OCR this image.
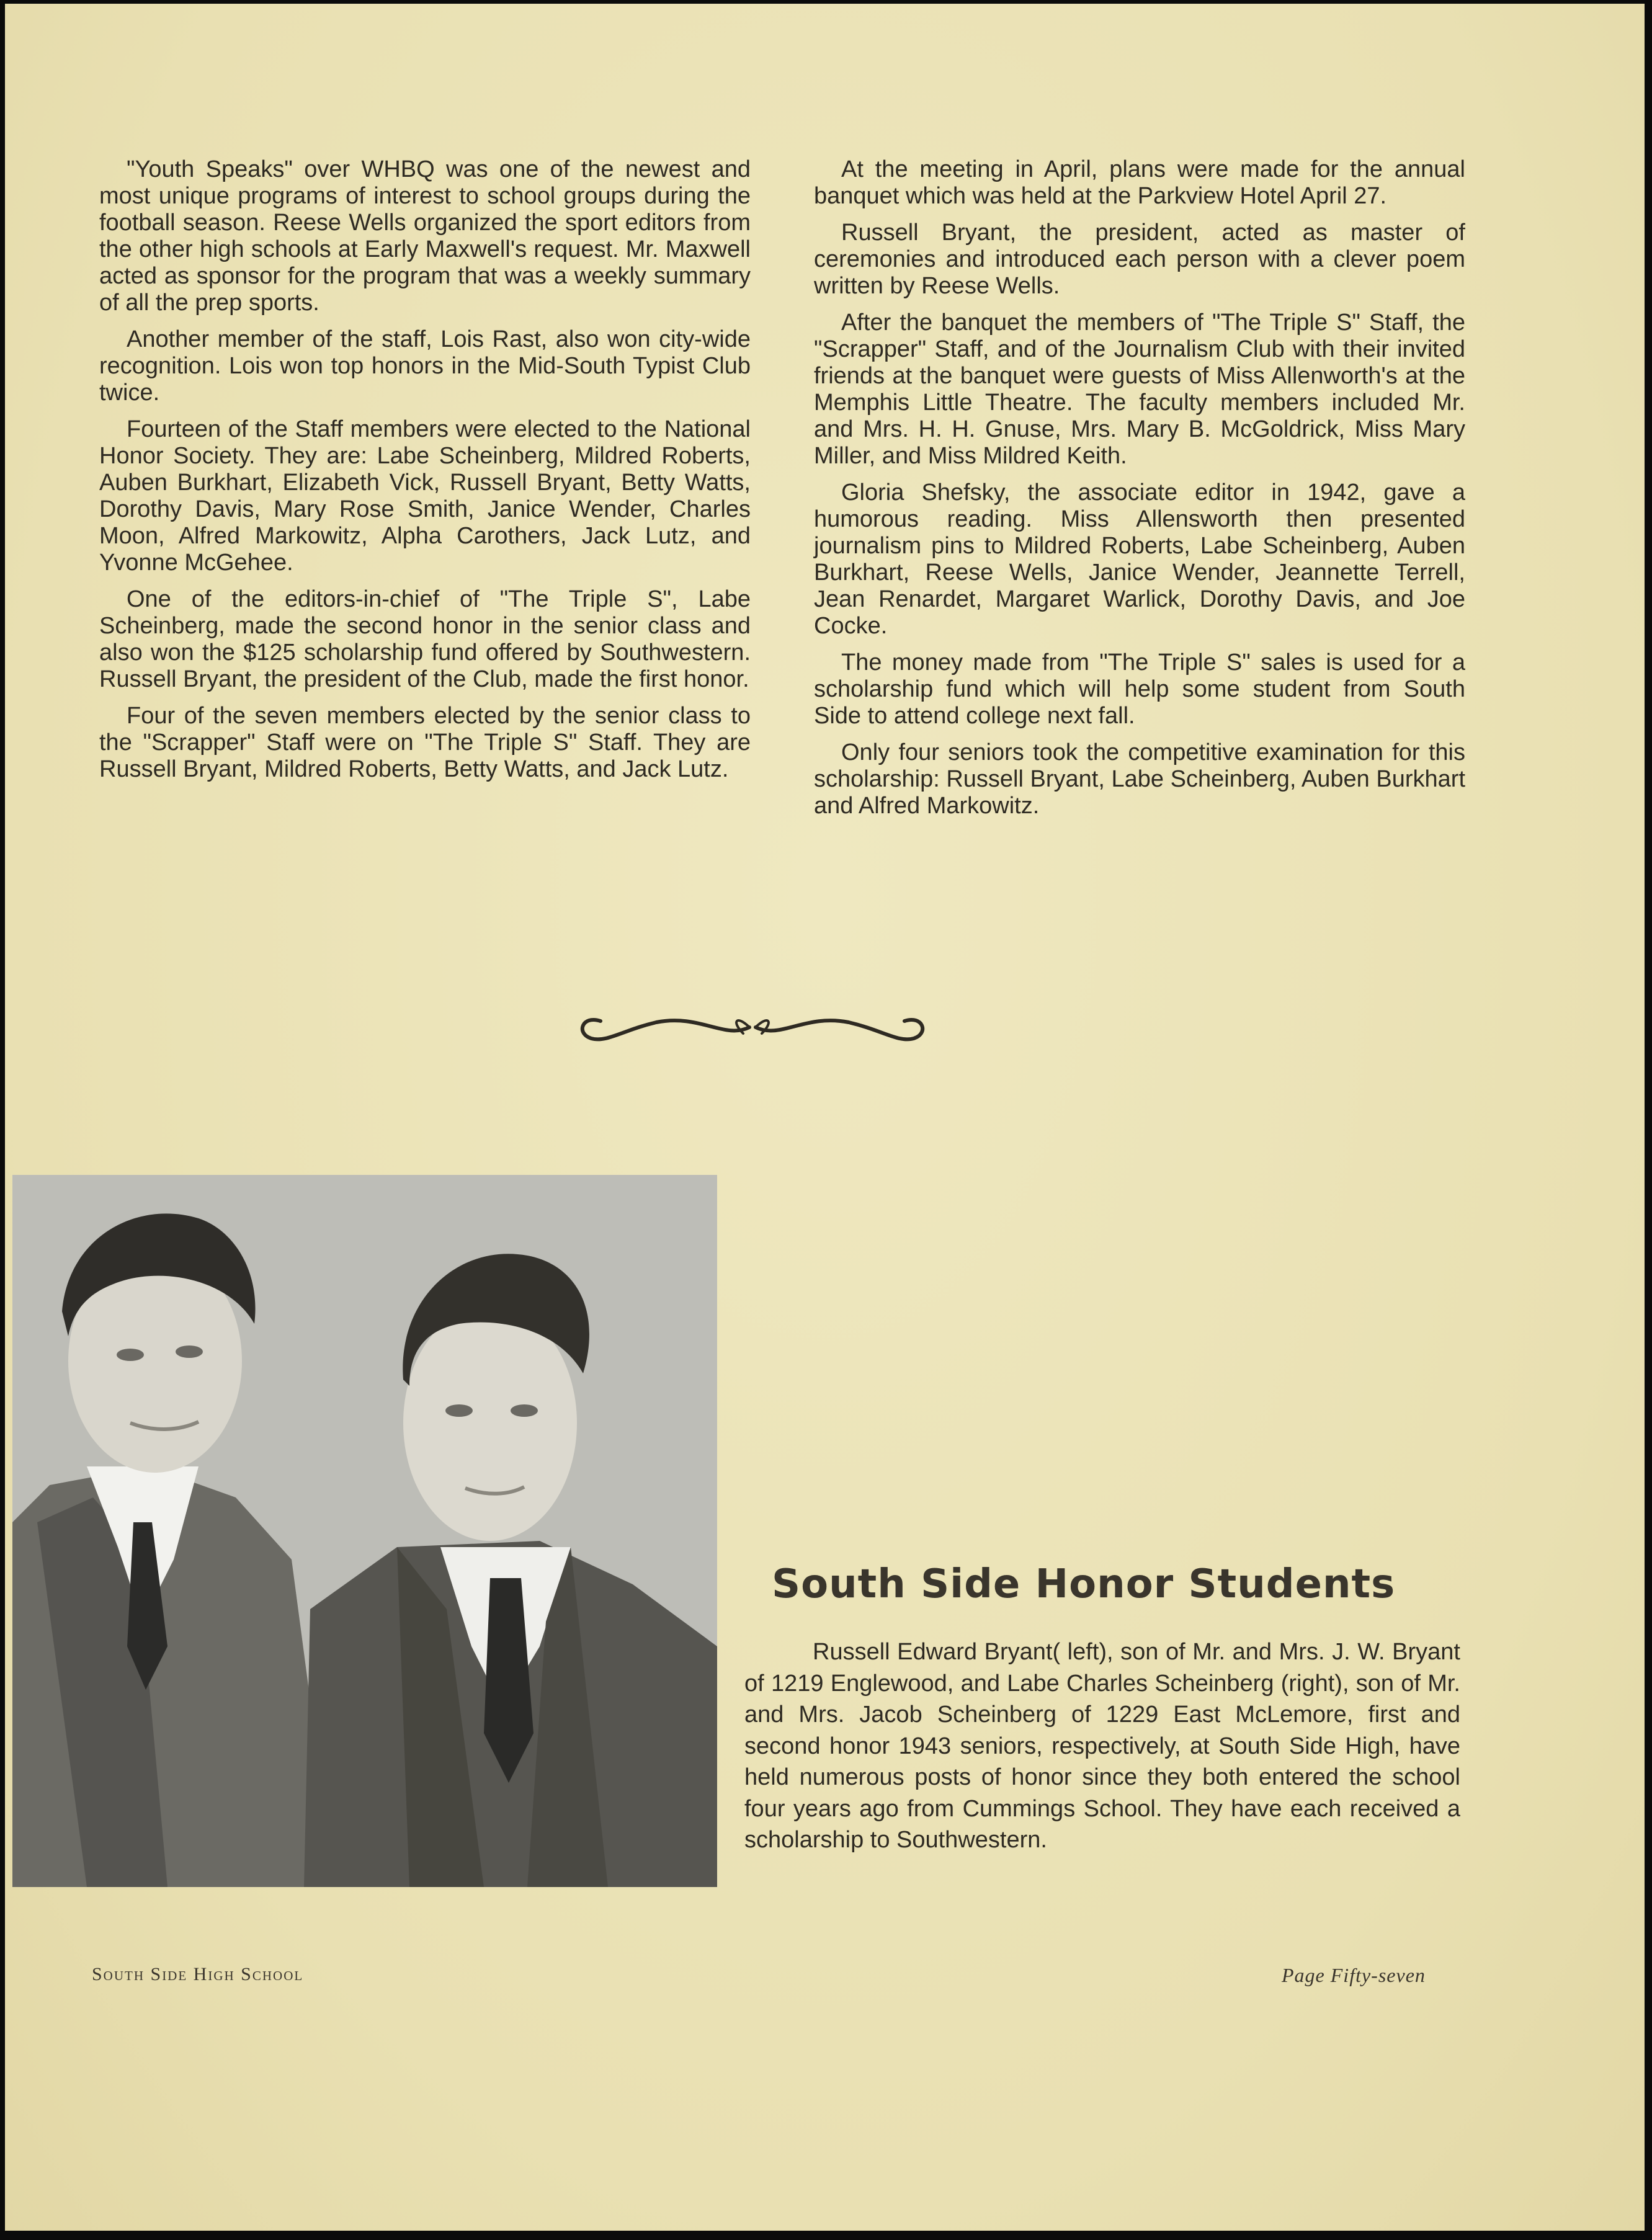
"Youth Speaks" over WHBQ was one of the newest and most unique programs of interest to school groups during the football season. Reese Wells organized the sport editors from the other high schools at Early Maxwell's request. Mr. Maxwell acted as sponsor for the program that was a weekly summary of all the prep sports.

Another member of the staff, Lois Rast, also won city-wide recognition. Lois won top honors in the Mid-South Typist Club twice.

Fourteen of the Staff members were elected to the National Honor Society. They are: Labe Scheinberg, Mildred Roberts, Auben Burkhart, Elizabeth Vick, Russell Bryant, Betty Watts, Dorothy Davis, Mary Rose Smith, Janice Wender, Charles Moon, Alfred Markowitz, Alpha Carothers, Jack Lutz, and Yvonne McGehee.

One of the editors-in-chief of "The Triple S", Labe Scheinberg, made the second honor in the senior class and also won the $125 scholarship fund offered by Southwestern. Russell Bryant, the president of the Club, made the first honor.

Four of the seven members elected by the senior class to the "Scrapper" Staff were on "The Triple S" Staff. They are Russell Bryant, Mildred Roberts, Betty Watts, and Jack Lutz.

At the meeting in April, plans were made for the annual banquet which was held at the Parkview Hotel April 27.

Russell Bryant, the president, acted as master of ceremonies and introduced each person with a clever poem written by Reese Wells.

After the banquet the members of "The Triple S" Staff, the "Scrapper" Staff, and of the Journalism Club with their invited friends at the banquet were guests of Miss Allenworth's at the Memphis Little Theatre. The faculty members included Mr. and Mrs. H. H. Gnuse, Mrs. Mary B. McGoldrick, Miss Mary Miller, and Miss Mildred Keith.

Gloria Shefsky, the associate editor in 1942, gave a humorous reading. Miss Allensworth then presented journalism pins to Mildred Roberts, Labe Scheinberg, Auben Burkhart, Reese Wells, Janice Wender, Jeannette Terrell, Jean Renardet, Margaret Warlick, Dorothy Davis, and Joe Cocke.

The money made from "The Triple S" sales is used for a scholarship fund which will help some student from South Side to attend college next fall.

Only four seniors took the competitive examination for this scholarship: Russell Bryant, Labe Scheinberg, Auben Burkhart and Alfred Markowitz.

South Side Honor Students

Russell Edward Bryant( left), son of Mr. and Mrs. J. W. Bryant of 1219 Englewood, and Labe Charles Scheinberg (right), son of Mr. and Mrs. Jacob Scheinberg of 1229 East McLemore, first and second honor 1943 seniors, respectively, at South Side High, have held numerous posts of honor since they both entered the school four years ago from Cummings School. They have each received a scholarship to Southwestern.

South Side High School	Page Fifty-seven
